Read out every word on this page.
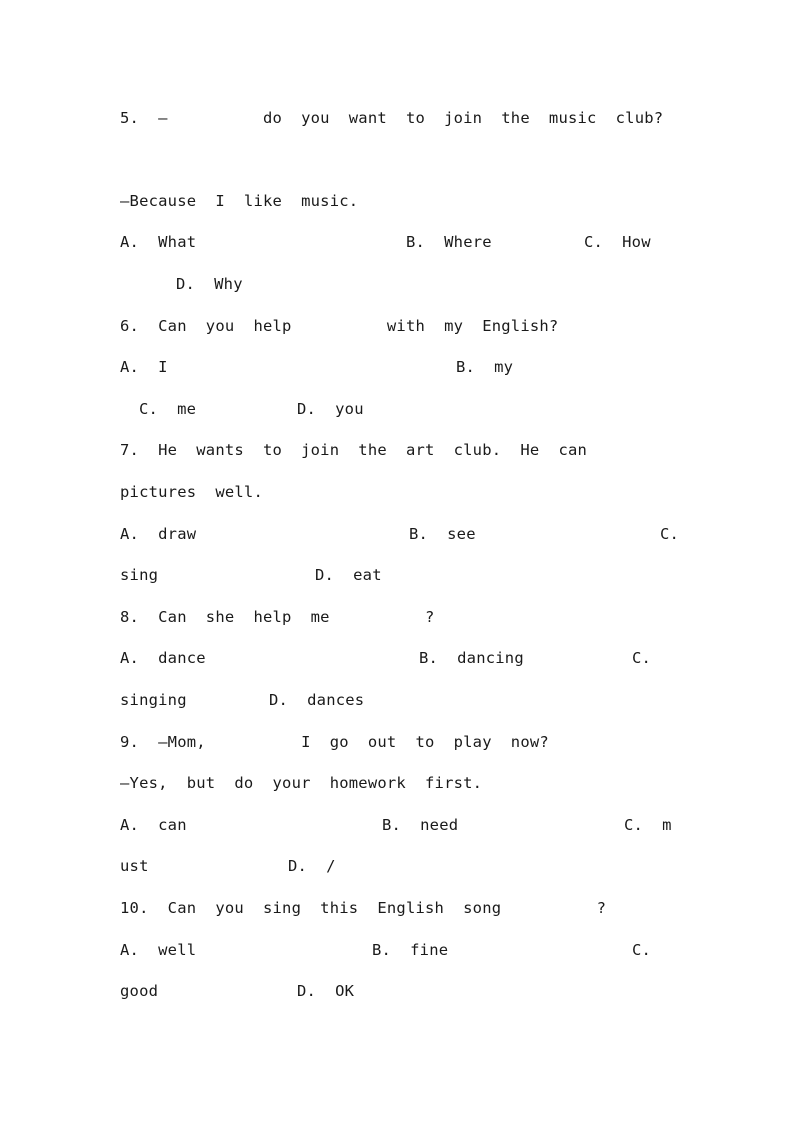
5.  —          do  you  want  to  join  the  music  club?
—Because  I  like  music.
A.  What	B.  Where	C.  How
D.  Why
6.  Can  you  help          with  my  English?
A.  I	B.  my
C.  me	D.  you
7.  He  wants  to  join  the  art  club.  He  can
pictures  well.
A.  draw	B.  see	C.
sing	D.  eat
8.  Can  she  help  me          ?
A.  dance	B.  dancing	C.
singing	D.  dances
9.  —Mom,          I  go  out  to  play  now?
—Yes,  but  do  your  homework  first.
A.  can	B.  need	C.  m
ust	D.  /
10.  Can  you  sing  this  English  song          ?
A.  well	B.  fine	C.
good	D.  OK
